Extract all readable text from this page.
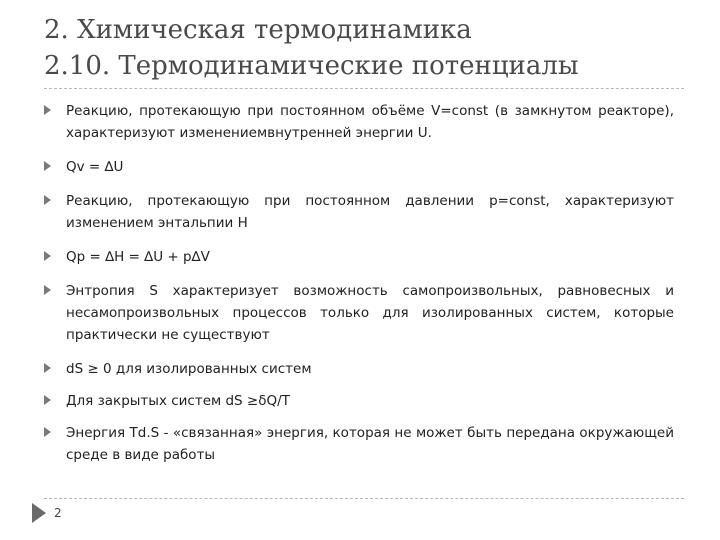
2. Химическая термодинамика
2.10. Термодинамические потенциалы
Реакцию, протекающую при постоянном объёме V=const (в замкнутом реакторе), характеризуют изменениемвнутренней энергии U.
Qv = ∆U
Реакцию, протекающую при постоянном давлении p=const, характеризуют изменением энтальпии Н
Qp = ∆H = ∆U + p∆V
Энтропия S характеризует возможность самопроизвольных, равновесных и несамопроизвольных процессов только для изолированных систем, которые практически не существуют
dS ≥ 0 для изолированных систем
Для закрытых систем dS ≥δQ/T
Энергия Td.S - «связанная» энергия, которая не может быть передана окружающей среде в виде работы
2
